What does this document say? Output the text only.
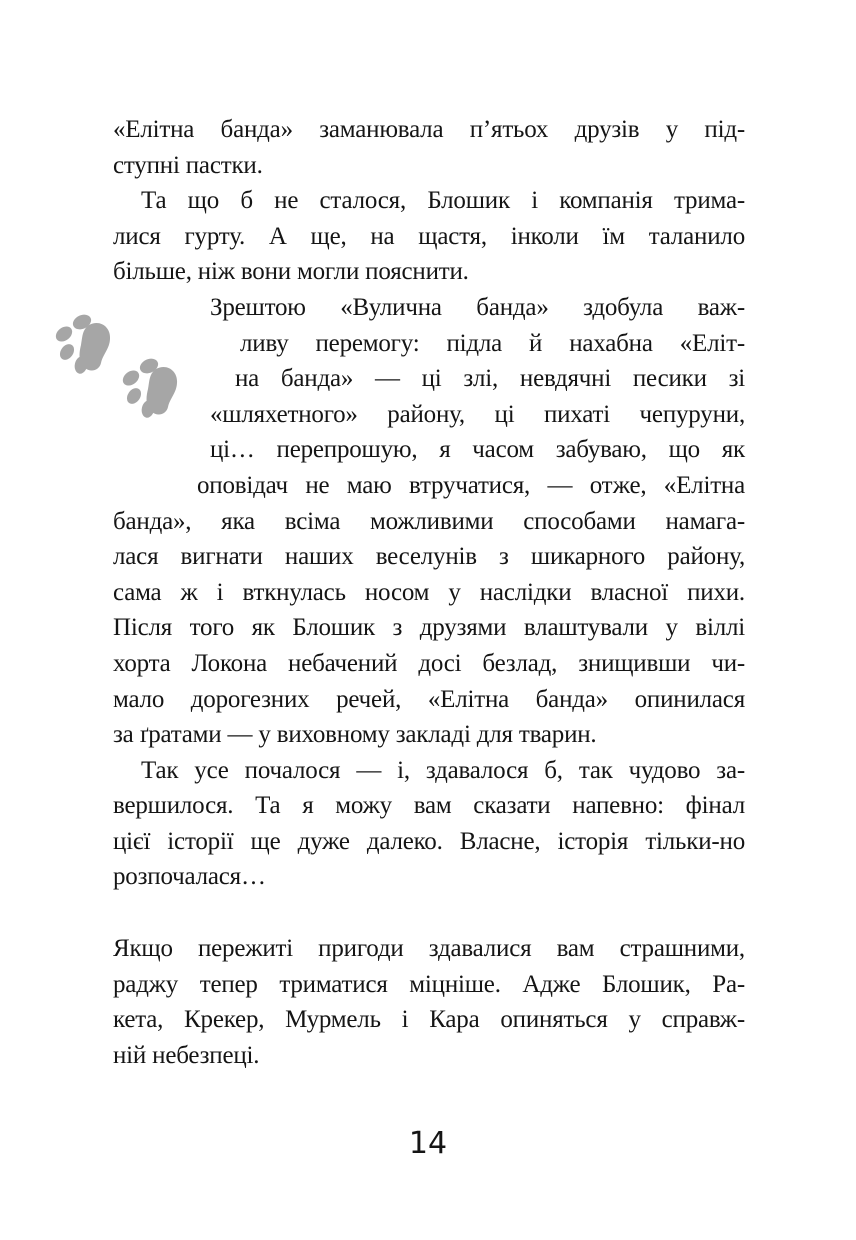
«Елітна банда» заманювала п’ятьох друзів у під-
ступні пастки.
Та що б не сталося, Блошик і компанія трима-
лися гурту. А ще, на щастя, інколи їм таланило
більше, ніж вони могли пояснити.
Зрештою «Вулична банда» здобула важ-
ливу перемогу: підла й нахабна «Еліт-
на банда» — ці злі, невдячні песики зі
«шляхетного» району, ці пихаті чепуруни,
ці… перепрошую, я часом забуваю, що як
оповідач не маю втручатися, — отже, «Елітна
банда», яка всіма можливими способами намага-
лася вигнати наших веселунів з шикарного району,
сама ж і вткнулась носом у наслідки власної пихи.
Після того як Блошик з друзями влаштували у віллі
хорта Локона небачений досі безлад, знищивши чи-
мало дорогезних речей, «Елітна банда» опинилася
за ґратами — у виховному закладі для тварин.
Так усе почалося — і, здавалося б, так чудово за-
вершилося. Та я можу вам сказати напевно: фінал
цієї історії ще дуже далеко. Власне, історія тільки-но
розпочалася…
Якщо пережиті пригоди здавалися вам страшними,
раджу тепер триматися міцніше. Адже Блошик, Ра-
кета, Крекер, Мурмель і Кара опиняться у справж-
ній небезпеці.
14
